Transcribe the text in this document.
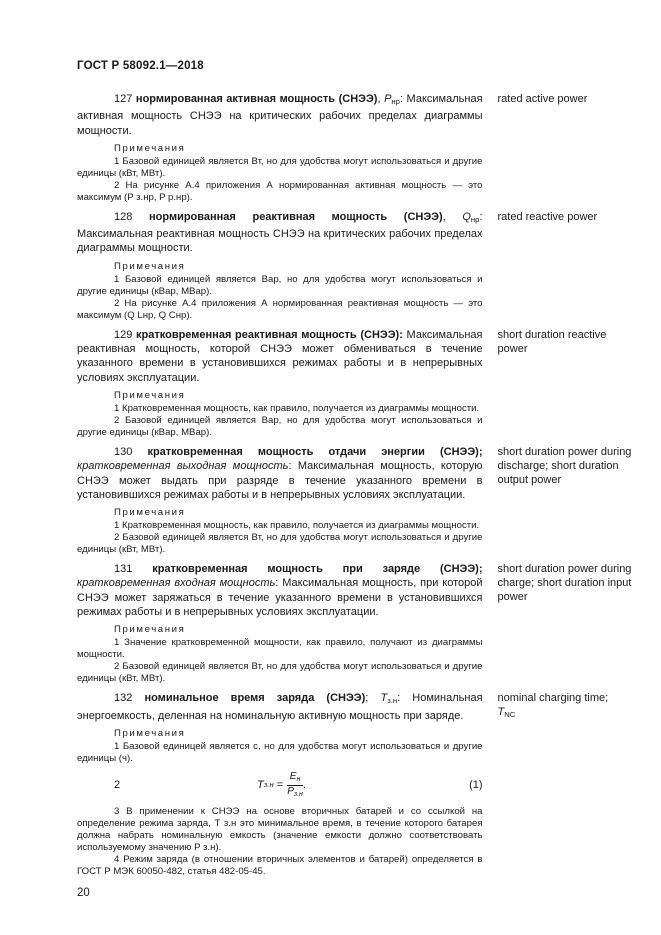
ГОСТ Р 58092.1—2018

127 нормированная активная мощность (СНЭЭ), $P_{нр}$: Максимальная активная мощность СНЭЭ на критических рабочих пределах диаграммы мощности.

Примечания

1 Базовой единицей является Вт, но для удобства могут использоваться и другие единицы (кВт, МВт).

2 На рисунке А.4 приложения А нормированная активная мощность — это максимум (P з.нр, P р.нр).

rated active power

128 нормированная реактивная мощность (СНЭЭ), $Q_{нр}$: Максимальная реактивная мощность СНЭЭ на критических рабочих пределах диаграммы мощности.

Примечания

1 Базовой единицей является Вар, но для удобства могут использоваться и другие единицы (кВар, МВар).

2 На рисунке А.4 приложения А нормированная реактивная мощность — это максимум (Q Lнр, Q Cнр).

rated reactive power

129 кратковременная реактивная мощность (СНЭЭ): Максимальная реактивная мощность, которой СНЭЭ может обмениваться в течение указанного времени в установившихся режимах работы и в непрерывных условиях эксплуатации.

Примечания

1 Кратковременная мощность, как правило, получается из диаграммы мощности.

2 Базовой единицей является Вар, но для удобства могут использоваться и другие единицы (кВар, МВар).

short duration reactive power

130 кратковременная мощность отдачи энергии (СНЭЭ); кратковременная выходная мощность: Максимальная мощность, которую СНЭЭ может выдать при разряде в течение указанного времени в установившихся режимах работы и в непрерывных условиях эксплуатации.

Примечания

1 Кратковременная мощность, как правило, получается из диаграммы мощности.

2 Базовой единицей является Вт, но для удобства могут использоваться и другие единицы (кВт, МВт).

short duration power during discharge; short duration output power

131 кратковременная мощность при заряде (СНЭЭ); кратковременная входная мощность: Максимальная мощность, при которой СНЭЭ может заряжаться в течение указанного времени в установившихся режимах работы и в непрерывных условиях эксплуатации.

Примечания

1 Значение кратковременной мощности, как правило, получают из диаграммы мощности.

2 Базовой единицей является Вт, но для удобства могут использоваться и другие единицы (кВт, МВт).

short duration power during charge; short duration input power

132 номинальное время заряда (СНЭЭ); $T_{з.н}$: Номинальная энергоемкость, деленная на номинальную активную мощность при заряде.

Примечания

1 Базовой единицей является с, но для удобства могут использоваться и другие единицы (ч).

2	T з.н
= $\frac{E_н}{P_{з.н}}$ .	(1)

3 В применении к СНЭЭ на основе вторичных батарей и со ссылкой на определение режима заряда, T з.н это минимальное время, в течение которого батарея должна набрать номинальную емкость (значение емкости должно соответствовать используемому значению P з.н).

4 Режим заряда (в отношении вторичных элементов и батарей) определяется в ГОСТ Р МЭК 60050-482, статья 482-05-45.

nominal charging time;
$T_{NC}$
20
